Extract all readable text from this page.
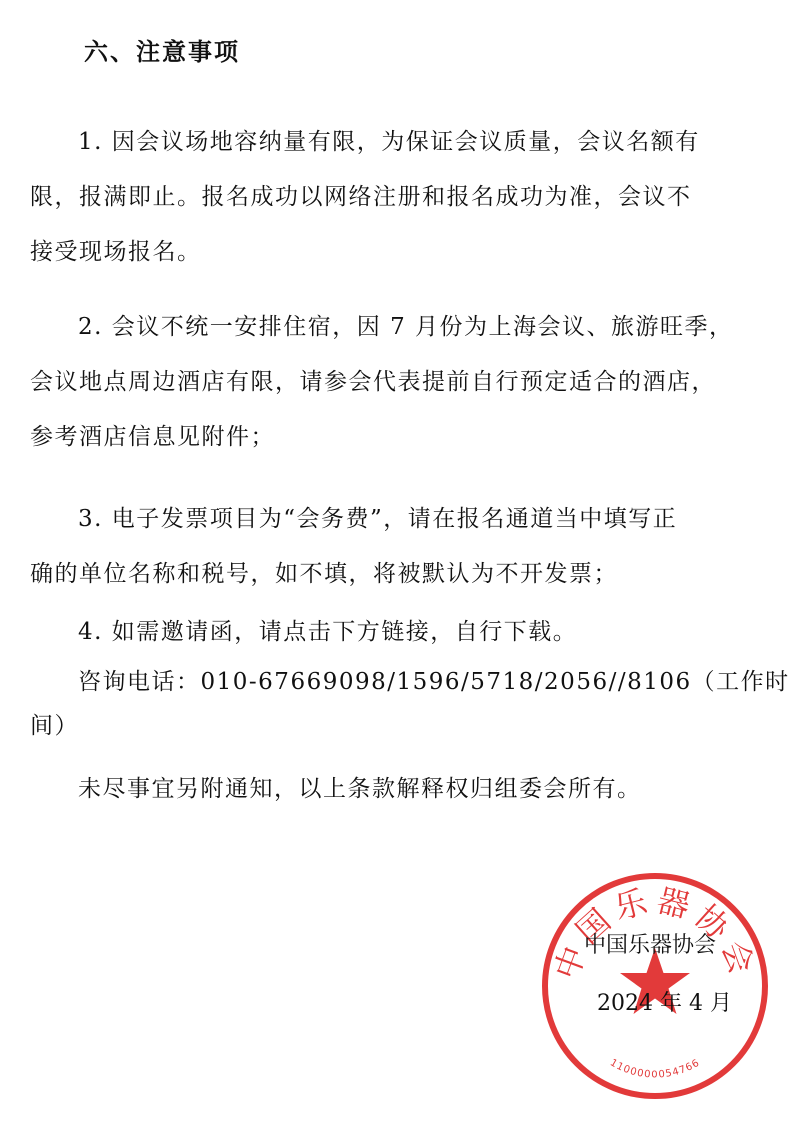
六、注意事项
1. 因会议场地容纳量有限，为保证会议质量，会议名额有
限，报满即止。报名成功以网络注册和报名成功为准，会议不
接受现场报名。
2. 会议不统一安排住宿，因 7 月份为上海会议、旅游旺季，
会议地点周边酒店有限，请参会代表提前自行预定适合的酒店，
参考酒店信息见附件；
3. 电子发票项目为“会务费”，请在报名通道当中填写正
确的单位名称和税号，如不填，将被默认为不开发票；
4. 如需邀请函，请点击下方链接，自行下载。
咨询电话：010-67669098/1596/5718/2056//8106（工作时
间）
未尽事宜另附通知，以上条款解释权归组委会所有。
中国乐器协会
1100000054766
中国乐器协会
2024 年 4 月
